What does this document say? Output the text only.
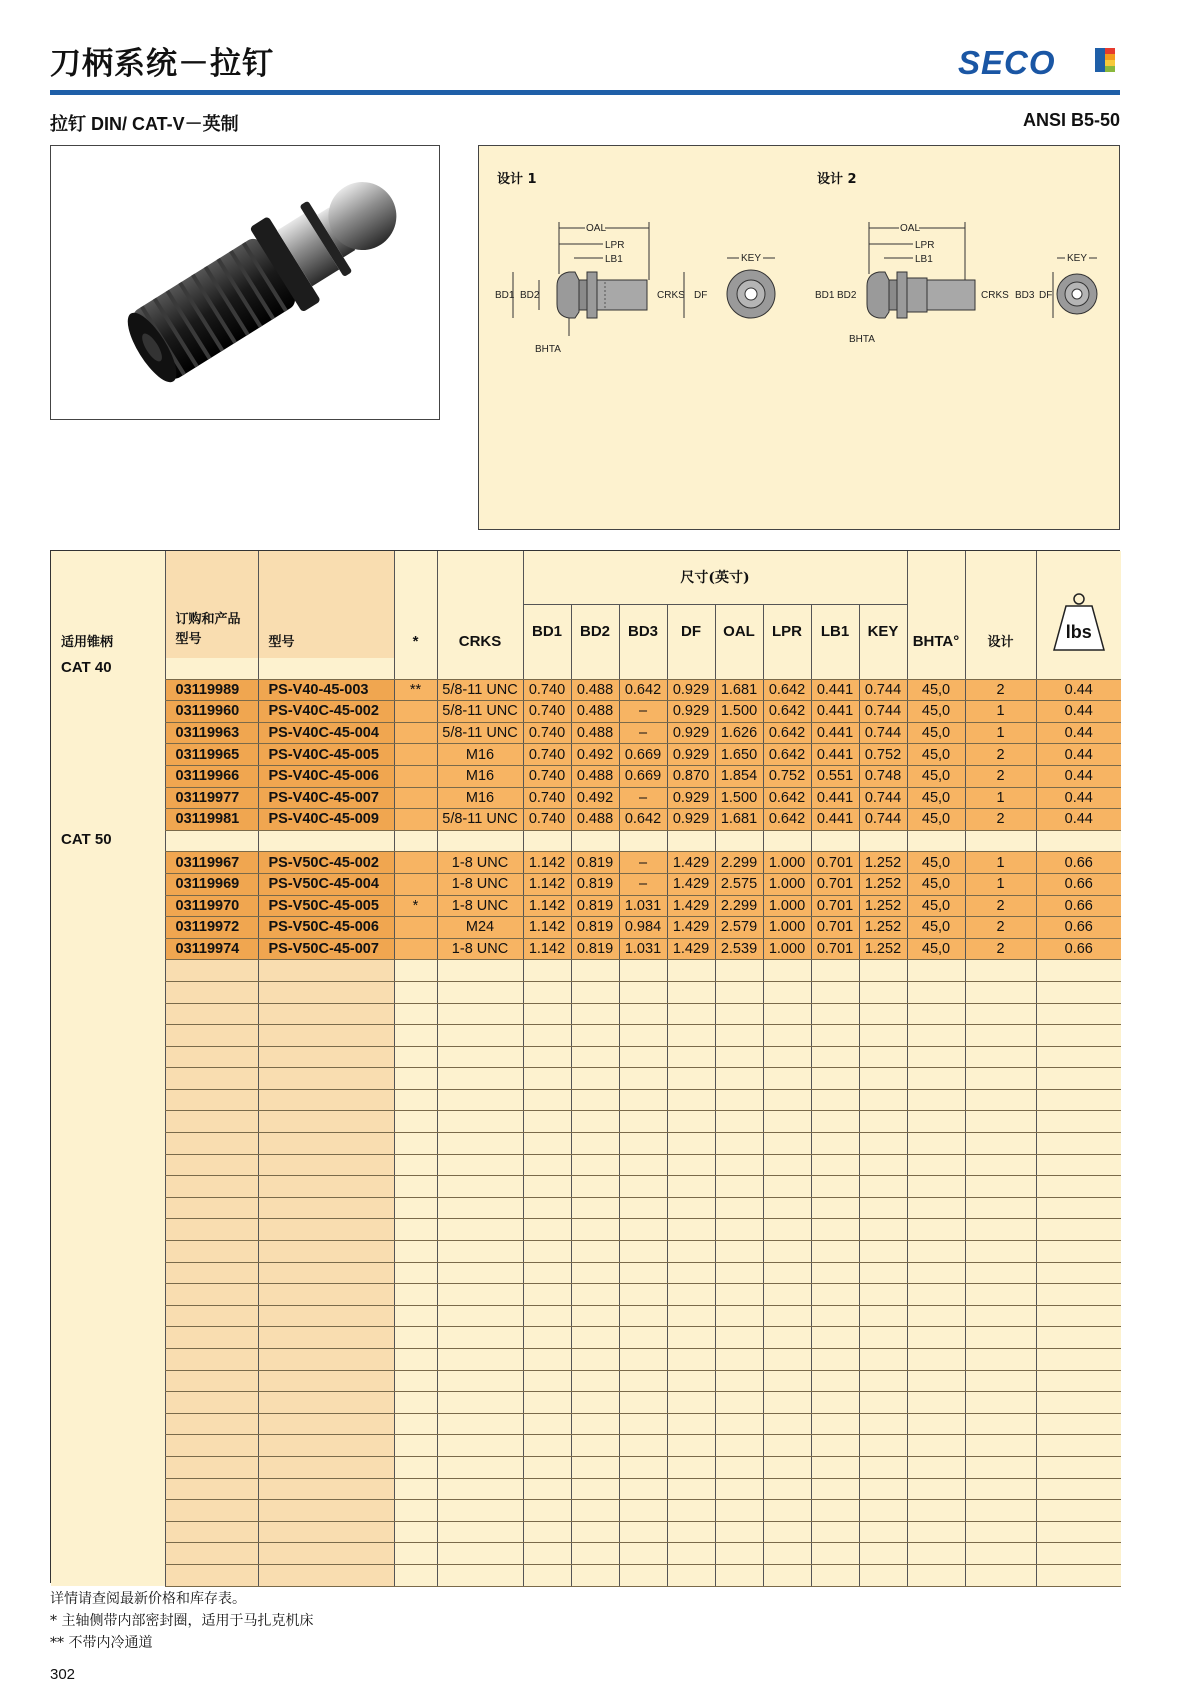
刀柄系统－拉钉	SECO
拉钉 DIN/ CAT-V－英制	ANSI B5-50
设计 1	设计 2
OAL
LPR
LB1
BD1 BD2	CRKS DF
BHTA
KEY
OAL
LPR
LB1
BD1 BD2	CRKS BD3 DF
BHTA
KEY
适用锥柄	订购和产品
型号	型号	*	CRKS	尺寸(英寸)								BHTA°	设计	lbs

					BD1	BD2	BD3	DF	OAL	LPR	LB1	KEY			
CAT 40															
	03119989	PS-V40-45-003	**	5/8-11 UNC	0.740	0.488	0.642	0.929	1.681	0.642	0.441	0.744	45,0	2	0.44
	03119960	PS-V40C-45-002		5/8-11 UNC	0.740	0.488	–	0.929	1.500	0.642	0.441	0.744	45,0	1	0.44
	03119963	PS-V40C-45-004		5/8-11 UNC	0.740	0.488	–	0.929	1.626	0.642	0.441	0.744	45,0	1	0.44
	03119965	PS-V40C-45-005		M16	0.740	0.492	0.669	0.929	1.650	0.642	0.441	0.752	45,0	2	0.44
	03119966	PS-V40C-45-006		M16	0.740	0.488	0.669	0.870	1.854	0.752	0.551	0.748	45,0	2	0.44
	03119977	PS-V40C-45-007		M16	0.740	0.492	–	0.929	1.500	0.642	0.441	0.744	45,0	1	0.44
	03119981	PS-V40C-45-009		5/8-11 UNC	0.740	0.488	0.642	0.929	1.681	0.642	0.441	0.744	45,0	2	0.44
CAT 50															
	03119967	PS-V50C-45-002		1-8 UNC	1.142	0.819	–	1.429	2.299	1.000	0.701	1.252	45,0	1	0.66
	03119969	PS-V50C-45-004		1-8 UNC	1.142	0.819	–	1.429	2.575	1.000	0.701	1.252	45,0	1	0.66
	03119970	PS-V50C-45-005	*	1-8 UNC	1.142	0.819	1.031	1.429	2.299	1.000	0.701	1.252	45,0	2	0.66
	03119972	PS-V50C-45-006		M24	1.142	0.819	0.984	1.429	2.579	1.000	0.701	1.252	45,0	2	0.66
	03119974	PS-V50C-45-007		1-8 UNC	1.142	0.819	1.031	1.429	2.539	1.000	0.701	1.252	45,0	2	0.66

详情请查阅最新价格和库存表。
* 主轴侧带内部密封圈，适用于马扎克机床
** 不带内冷通道
302
